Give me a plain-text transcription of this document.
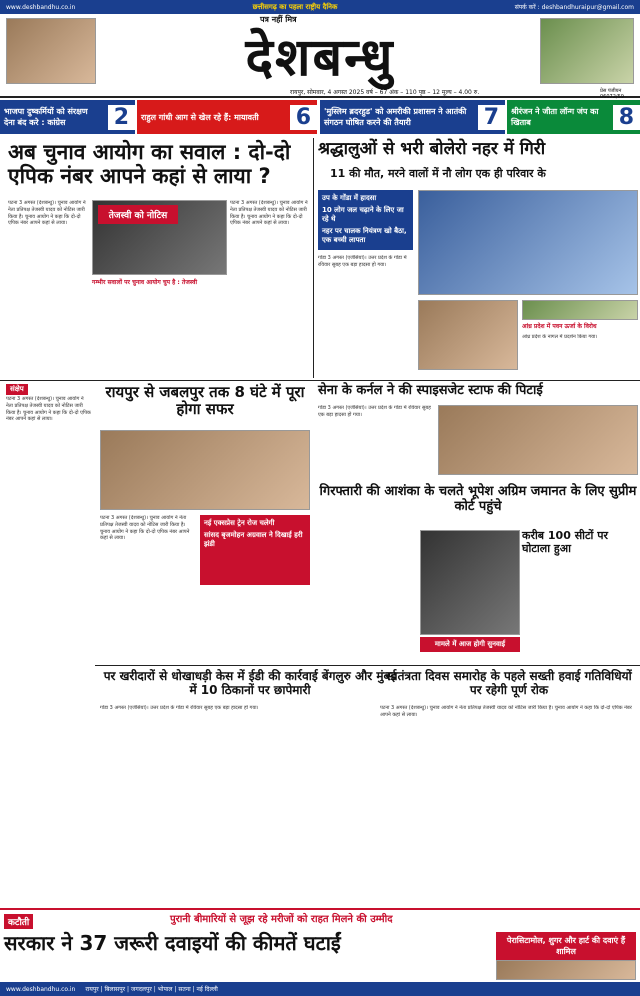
www.deshbandhu.co.in	छत्तीसगढ़ का पहला राष्ट्रीय दैनिक	संपर्क करें : deshbandhuraipur@gmail.com
पत्र नहीं मित्र
देशबन्धु
रायपुर, सोमवार, 4 अगस्त 2025 वर्ष – 67 अंक – 110 पृष्ठ – 12 मूल्य – 4.00 रु.	प्रेस पंजीयन 06072/59
भाजपा दुष्कर्मियों को संरक्षण देना बंद करे : कांग्रेस	2	राहुल गांधी आग से खेल रहे हैं: मायावती	6	'मुस्लिम ब्रदरहुड' को अमरीकी प्रशासन ने आतंकी संगठन घोषित करने की तैयारी	7	श्रीरंजन ने जीता लॉन्ग जंप का खिताब	8
अब चुनाव आयोग का सवाल : दो-दो एपिक नंबर आपने कहां से लाया ?
पटना 3 अगस्त (देशबन्धु)। चुनाव आयोग ने नेता प्रतिपक्ष तेजस्वी यादव को नोटिस जारी किया है। चुनाव आयोग ने कहा कि दो-दो एपिक नंबर आपने कहां से लाया।
तेजस्वी को नोटिस
गम्भीर सवालों पर चुनाव आयोग चुप है : तेजस्वी
पटना 3 अगस्त (देशबन्धु)। चुनाव आयोग ने नेता प्रतिपक्ष तेजस्वी यादव को नोटिस जारी किया है। चुनाव आयोग ने कहा कि दो-दो एपिक नंबर आपने कहां से लाया।
श्रद्धालुओं से भरी बोलेरो नहर में गिरी
11 की मौत, मरने वालों में नौ लोग एक ही परिवार के
उप के गोंडा में हादसा
10 लोग जल चढ़ाने के लिए जा रहे थे
नहर पर चालक नियंत्रण खो बैठा, एक बच्ची लापता
गोंडा 3 अगस्त (एजेंसियां)। उत्तर प्रदेश के गोंडा में रविवार सुबह एक बड़ा हादसा हो गया।
आंध्र प्रदेश में पवन ऊर्जा के विरोध
आंध्र प्रदेश के नागल में प्रदर्शन किया गया।
संक्षेप
पटना 3 अगस्त (देशबन्धु)। चुनाव आयोग ने नेता प्रतिपक्ष तेजस्वी यादव को नोटिस जारी किया है। चुनाव आयोग ने कहा कि दो-दो एपिक नंबर आपने कहां से लाया।
रायपुर से जबलपुर तक 8 घंटे में पूरा होगा सफर
नई एक्सप्रेस ट्रेन रोज चलेगी
सांसद बृजमोहन अग्रवाल ने दिखाई हरी झंडी
पटना 3 अगस्त (देशबन्धु)। चुनाव आयोग ने नेता प्रतिपक्ष तेजस्वी यादव को नोटिस जारी किया है। चुनाव आयोग ने कहा कि दो-दो एपिक नंबर आपने कहां से लाया।
सेना के कर्नल ने की स्पाइसजेट स्टाफ की पिटाई
गोंडा 3 अगस्त (एजेंसियां)। उत्तर प्रदेश के गोंडा में रविवार सुबह एक बड़ा हादसा हो गया।
गिरफ्तारी की आशंका के चलते भूपेश अग्रिम जमानत के लिए सुप्रीम कोर्ट पहुंचे
मामले में आज होगी सुनवाई
करीब 100 सीटों पर घोटाला हुआ
पर खरीदारों से धोखाधड़ी केस में ईडी की कार्रवाई बेंगलुरु और मुंबई में 10 ठिकानों पर छापेमारी
स्वतंत्रता दिवस समारोह के पहले सख्ती हवाई गतिविधियों पर रहेगी पूर्ण रोक
गोंडा 3 अगस्त (एजेंसियां)। उत्तर प्रदेश के गोंडा में रविवार सुबह एक बड़ा हादसा हो गया।	पटना 3 अगस्त (देशबन्धु)। चुनाव आयोग ने नेता प्रतिपक्ष तेजस्वी यादव को नोटिस जारी किया है। चुनाव आयोग ने कहा कि दो-दो एपिक नंबर आपने कहां से लाया।
कटौती	पुरानी बीमारियों से जूझ रहे मरीजों को राहत मिलने की उम्मीद
सरकार ने 37 जरूरी दवाइयों की कीमतें घटाईं	पेरासिटामोल, शुगर और हार्ट की दवाएं हैं शामिल
www.deshbandhu.co.in रायपुर | बिलासपुर | जगदलपुर | भोपाल | सतना | नई दिल्ली
